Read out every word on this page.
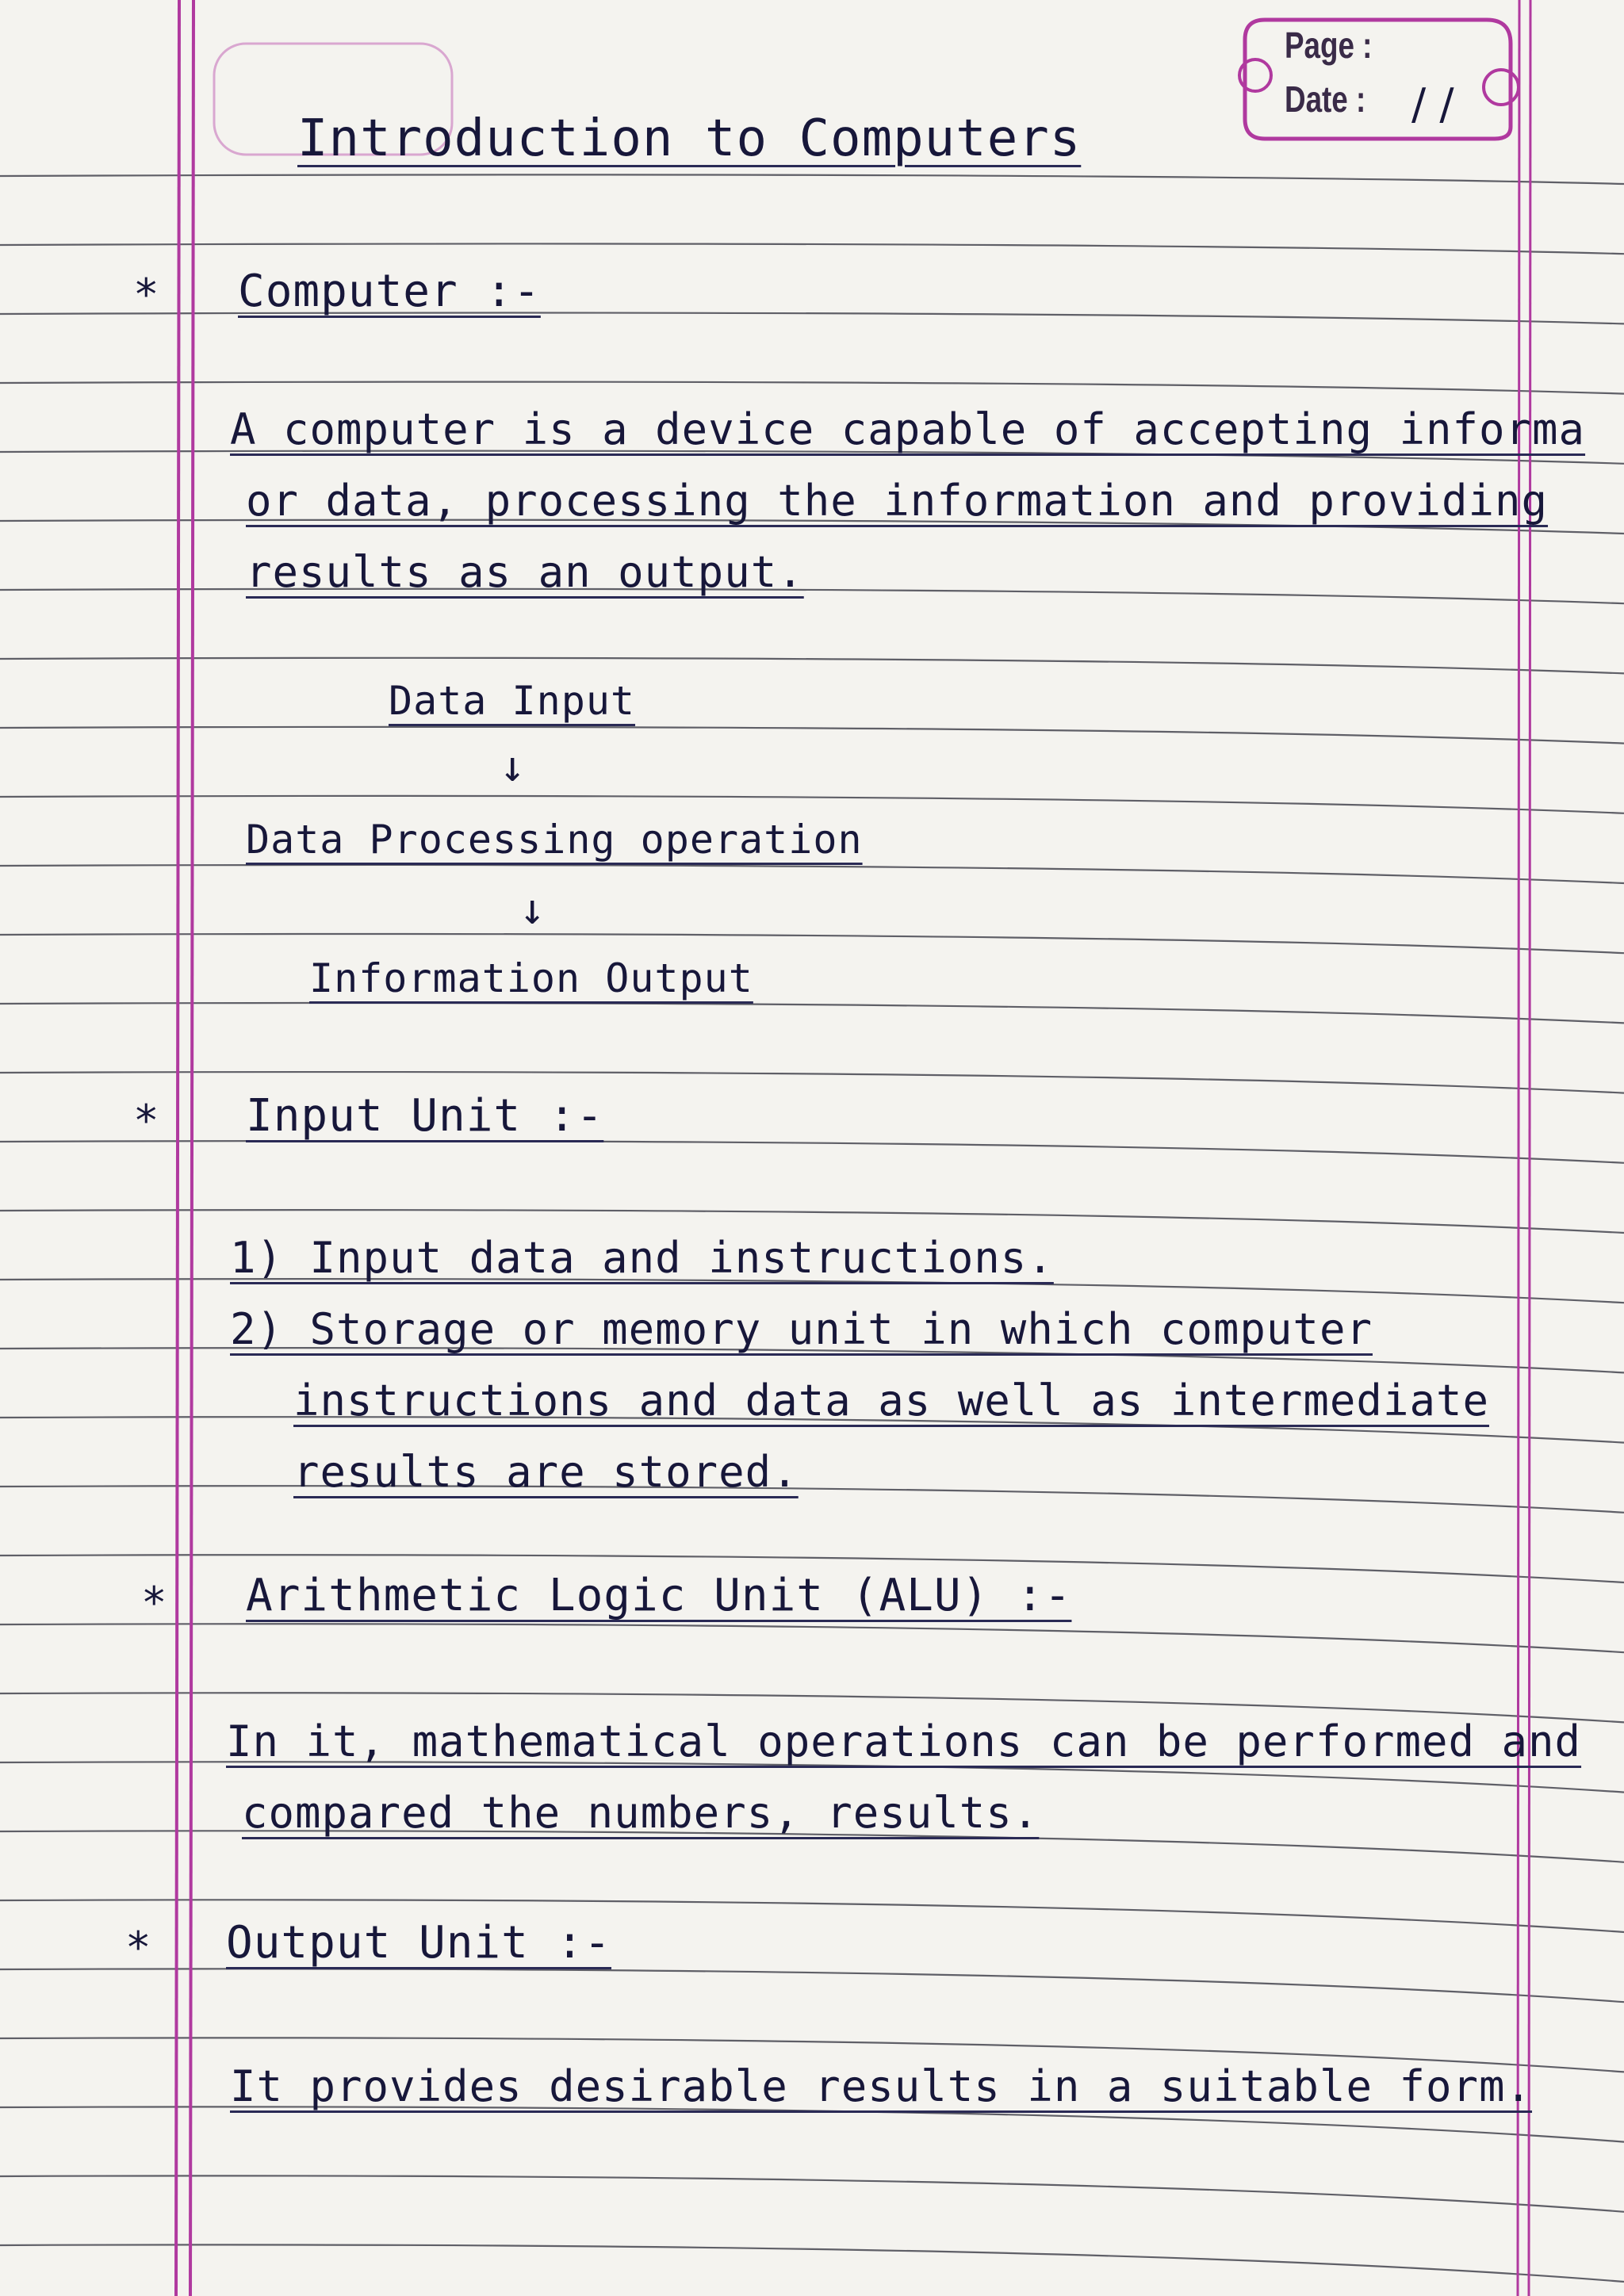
Page :

Date : / /

Introduction to Computers

* Computer :-

A computer is a device capable of accepting informa

or data, processing the information and providing

results as an output.

Data Input

↓

Data Processing operation

↓

Information Output

* Input Unit :-

1) Input data and instructions.

2) Storage or memory unit in which computer

instructions and data as well as intermediate

results are stored.

* Arithmetic Logic Unit (ALU) :-

In it, mathematical operations can be performed and

compared the numbers, results.

* Output Unit :-

It provides desirable results in a suitable form.
